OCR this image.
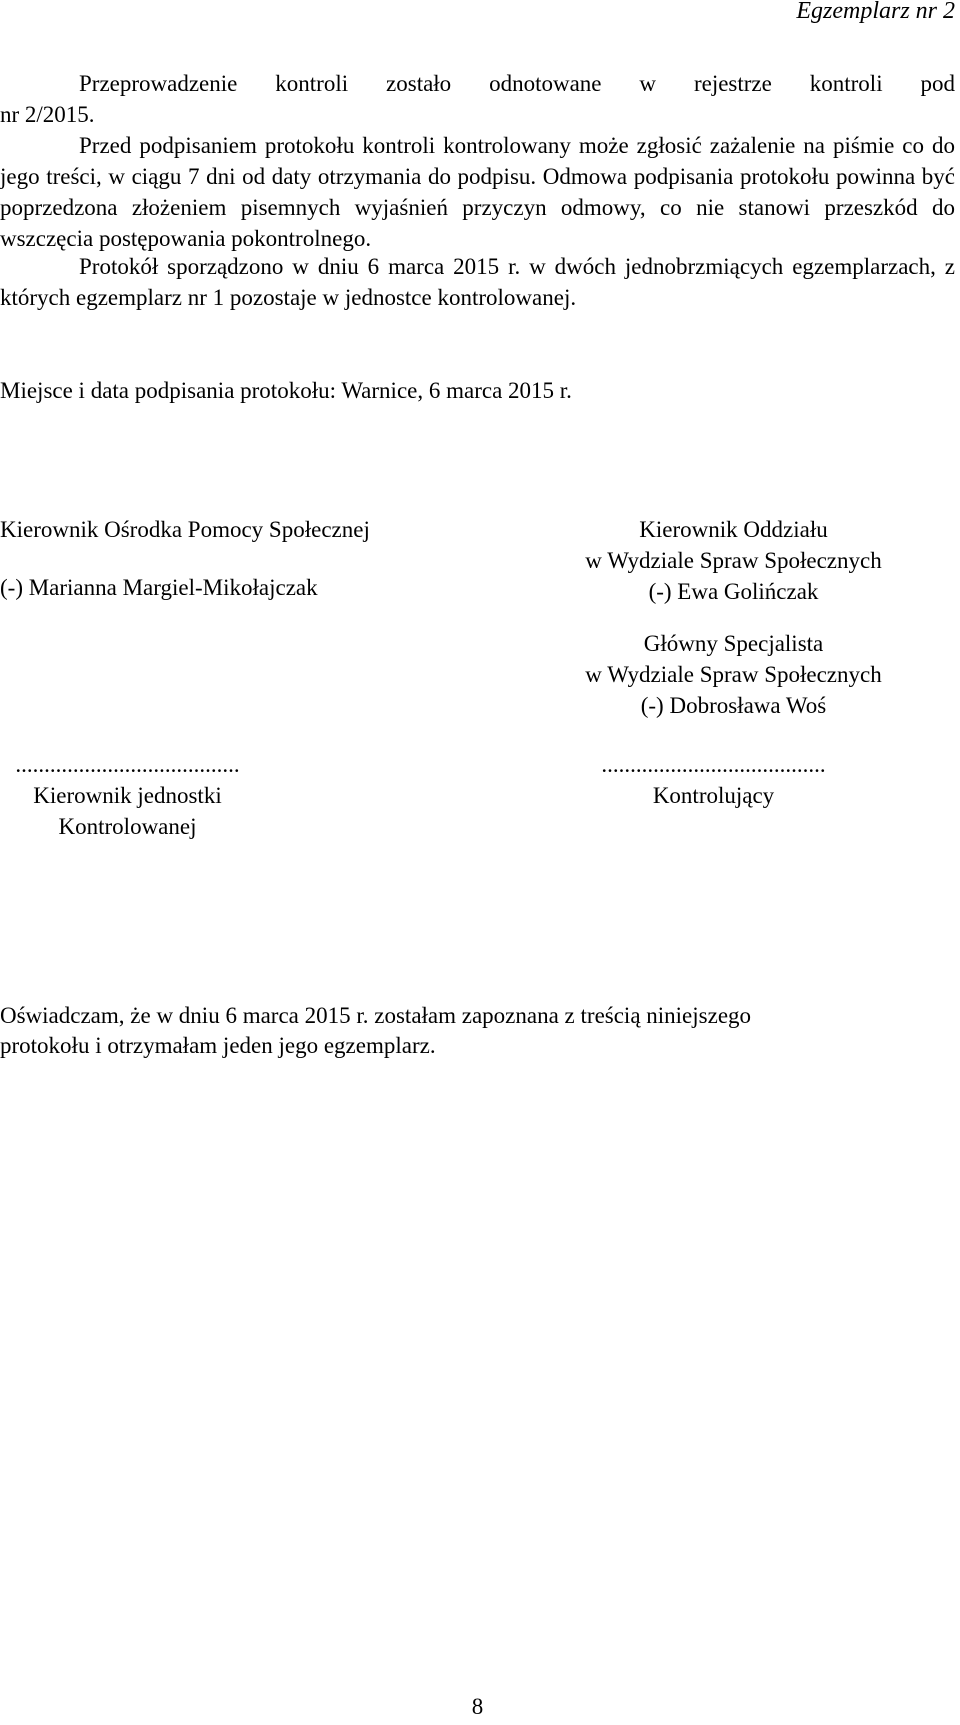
Egzemplarz nr 2
Przeprowadzenie kontroli zostało odnotowane w rejestrze kontroli pod
nr 2/2015.
Przed podpisaniem protokołu kontroli kontrolowany może zgłosić zażalenie na piśmie co do jego treści, w ciągu 7 dni od daty otrzymania do podpisu. Odmowa podpisania protokołu powinna być poprzedzona złożeniem pisemnych wyjaśnień przyczyn odmowy, co nie stanowi przeszkód do wszczęcia postępowania pokontrolnego.
Protokół sporządzono w dniu 6 marca 2015 r. w dwóch jednobrzmiących egzemplarzach, z których egzemplarz nr 1 pozostaje w jednostce kontrolowanej.
Miejsce i data podpisania protokołu: Warnice, 6 marca 2015 r.
Kierownik Ośrodka Pomocy Społecznej
(-) Marianna Margiel-Mikołajczak
Kierownik Oddziału
w Wydziale Spraw Społecznych
(-) Ewa Golińczak
Główny Specjalista
w Wydziale Spraw Społecznych
(-) Dobrosława Woś
.......................................
Kierownik jednostki
Kontrolowanej
.......................................
Kontrolujący
Oświadczam, że w dniu 6 marca 2015 r. zostałam zapoznana z treścią niniejszego
protokołu i otrzymałam jeden jego egzemplarz.
8
